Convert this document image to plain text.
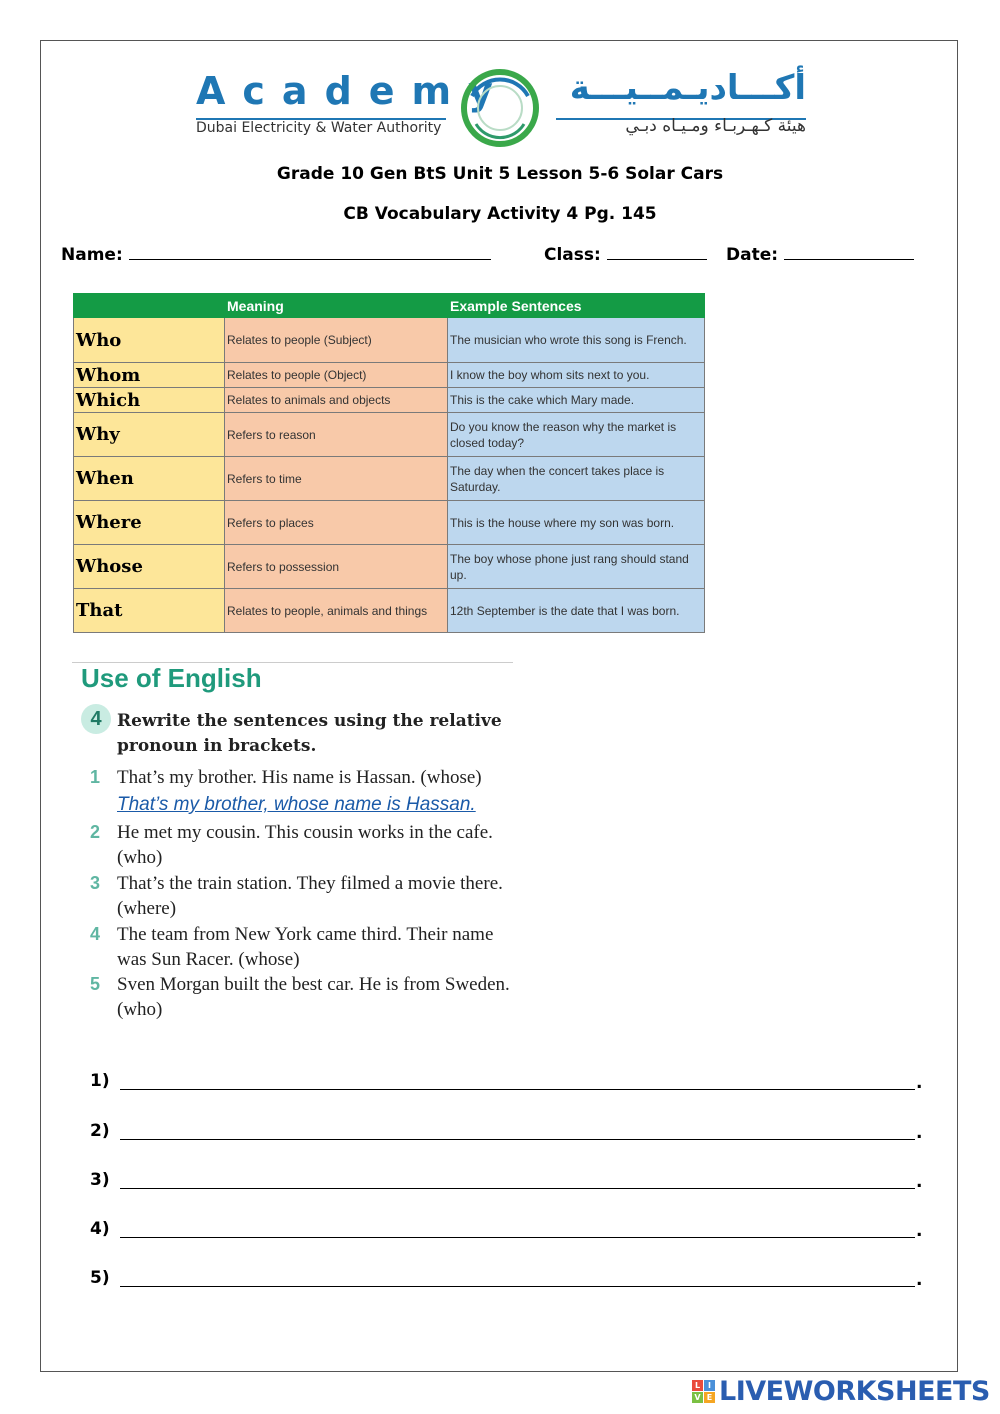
Academy
Dubai Electricity & Water Authority
أكـــاديـمــيـــة
هيئة كـهـربـاء ومـيـاه دبـي
Grade 10 Gen BtS Unit 5 Lesson 5-6 Solar Cars
CB Vocabulary Activity 4 Pg. 145
Name:	Class:	Date:
	Meaning	Example Sentences
Who	Relates to people (Subject)	The musician who wrote this song is French.
Whom	Relates to people (Object)	I know the boy whom sits next to you.
Which	Relates to animals and objects	This is the cake which Mary made.
Why	Refers to reason	Do you know the reason why the market is closed today?
When	Refers to time	The day when the concert takes place is Saturday.
Where	Refers to places	This is the house where my son was born.
Whose	Refers to possession	The boy whose phone just rang should stand up.
That	Relates to people, animals and things	12th September is the date that I was born.
Use of English
4 Rewrite the sentences using the relative pronoun in brackets.
1 That’s my brother. His name is Hassan. (whose)
That’s my brother, whose name is Hassan.
2 He met my cousin. This cousin works in the cafe. (who)
3 That’s the train station. They filmed a movie there. (where)
4 The team from New York came third. Their name was Sun Racer. (whose)
5 Sven Morgan built the best car. He is from Sweden. (who)
1)	.
2)	.
3)	.
4)	.
5)	.
L I
V E LIVEWORKSHEETS
